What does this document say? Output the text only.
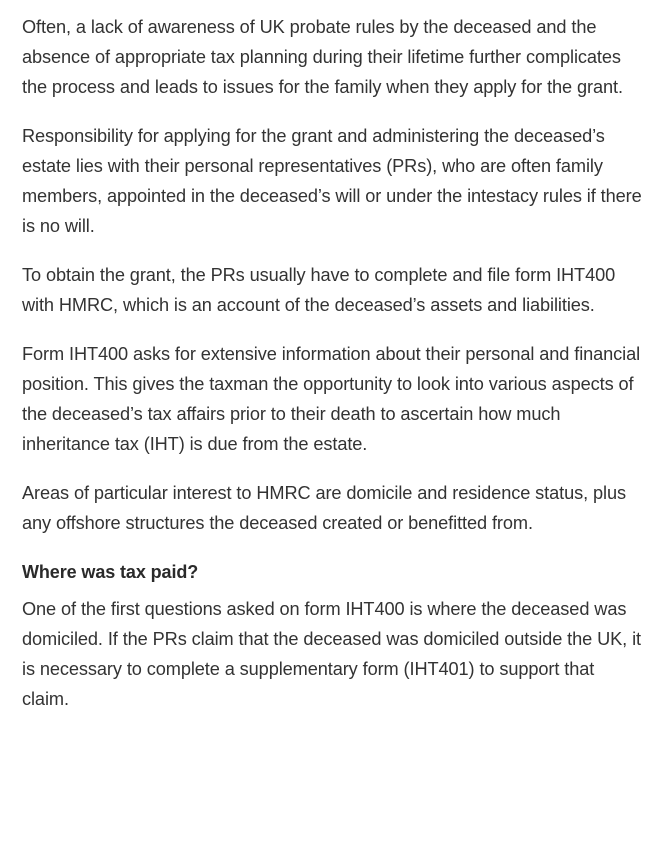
Often, a lack of awareness of UK probate rules by the deceased and the absence of appropriate tax planning during their lifetime further complicates the process and leads to issues for the family when they apply for the grant.

Responsibility for applying for the grant and administering the deceased’s estate lies with their personal representatives (PRs), who are often family members, appointed in the deceased’s will or under the intestacy rules if there is no will.

To obtain the grant, the PRs usually have to complete and file form IHT400 with HMRC, which is an account of the deceased’s assets and liabilities.

Form IHT400 asks for extensive information about their personal and financial position. This gives the taxman the opportunity to look into various aspects of the deceased’s tax affairs prior to their death to ascertain how much inheritance tax (IHT) is due from the estate.

Areas of particular interest to HMRC are domicile and residence status, plus any offshore structures the deceased created or benefitted from.

Where was tax paid?

One of the first questions asked on form IHT400 is where the deceased was domiciled. If the PRs claim that the deceased was domiciled outside the UK, it is necessary to complete a supplementary form (IHT401) to support that claim.
